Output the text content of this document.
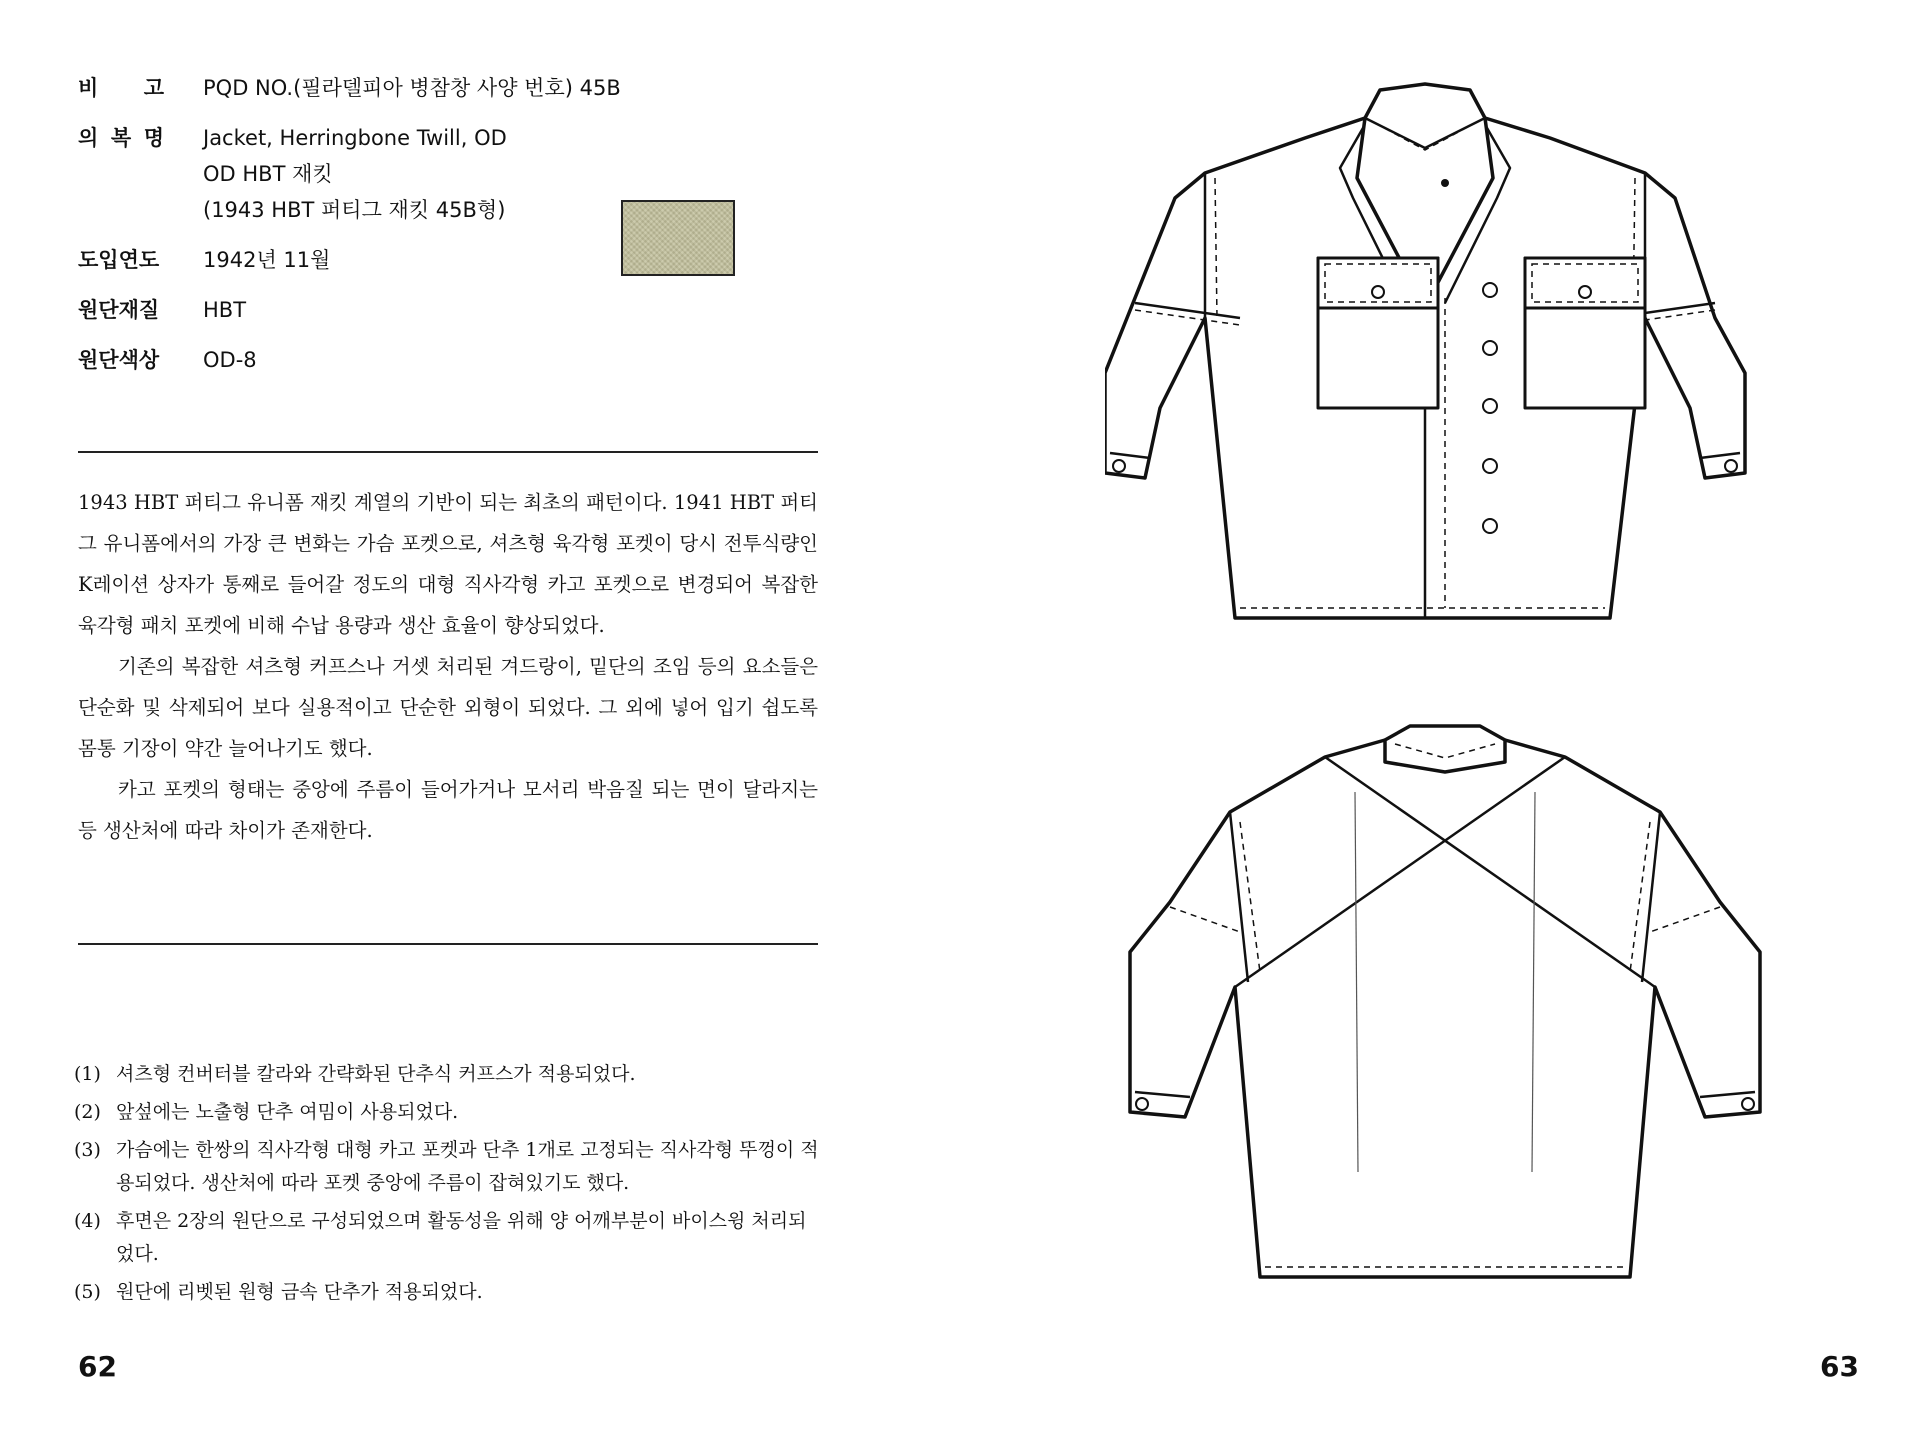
비 고 PQD NO.(필라델피아 병참창 사양 번호) 45B
의 복 명 Jacket, Herringbone Twill, OD
OD HBT 재킷
(1943 HBT 퍼티그 재킷 45B형)
도입연도	1942년 11월
원단재질	HBT
원단색상	OD-8

1943 HBT 퍼티그 유니폼 재킷 계열의 기반이 되는 최초의 패턴이다. 1941 HBT 퍼티그 유니폼에서의 가장 큰 변화는 가슴 포켓으로, 셔츠형 육각형 포켓이 당시 전투식량인 K레이션 상자가 통째로 들어갈 정도의 대형 직사각형 카고 포켓으로 변경되어 복잡한 육각형 패치 포켓에 비해 수납 용량과 생산 효율이 향상되었다.

기존의 복잡한 셔츠형 커프스나 거셋 처리된 겨드랑이, 밑단의 조임 등의 요소들은 단순화 및 삭제되어 보다 실용적이고 단순한 외형이 되었다. 그 외에 넣어 입기 쉽도록 몸통 기장이 약간 늘어나기도 했다.

카고 포켓의 형태는 중앙에 주름이 들어가거나 모서리 박음질 되는 면이 달라지는 등 생산처에 따라 차이가 존재한다.

(1) 셔츠형 컨버터블 칼라와 간략화된 단추식 커프스가 적용되었다.
(2) 앞섶에는 노출형 단추 여밈이 사용되었다.
(3) 가슴에는 한쌍의 직사각형 대형 카고 포켓과 단추 1개로 고정되는 직사각형 뚜껑이 적용되었다. 생산처에 따라 포켓 중앙에 주름이 잡혀있기도 했다.
(4) 후면은 2장의 원단으로 구성되었으며 활동성을 위해 양 어깨부분이 바이스윙 처리되었다.
(5) 원단에 리벳된 원형 금속 단추가 적용되었다.
62	63
